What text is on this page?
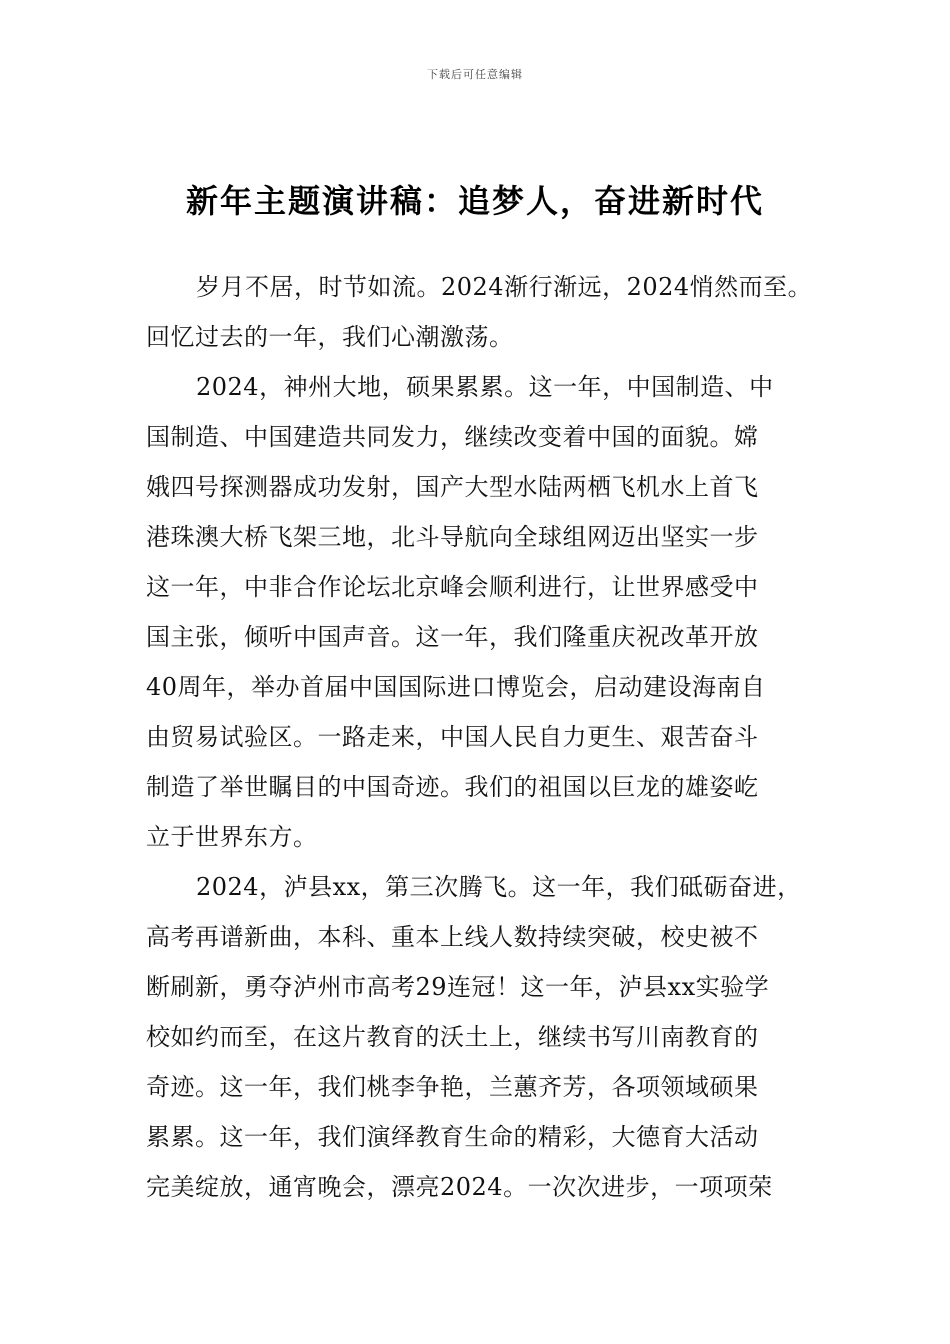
下载后可任意编辑
新年主题演讲稿：追梦人，奋进新时代
岁月不居，时节如流。2024渐行渐远，2024悄然而至。
回忆过去的一年，我们心潮激荡。
2024，神州大地，硕果累累。这一年，中国制造、中
国制造、中国建造共同发力，继续改变着中国的面貌。嫦
娥四号探测器成功发射，国产大型水陆两栖飞机水上首飞
港珠澳大桥飞架三地，北斗导航向全球组网迈出坚实一步
这一年，中非合作论坛北京峰会顺利进行，让世界感受中
国主张，倾听中国声音。这一年，我们隆重庆祝改革开放
40周年，举办首届中国国际进口博览会，启动建设海南自
由贸易试验区。一路走来，中国人民自力更生、艰苦奋斗
制造了举世瞩目的中国奇迹。我们的祖国以巨龙的雄姿屹
立于世界东方。
2024，泸县xx，第三次腾飞。这一年，我们砥砺奋进，
高考再谱新曲，本科、重本上线人数持续突破，校史被不
断刷新，勇夺泸州市高考29连冠！这一年，泸县xx实验学
校如约而至，在这片教育的沃土上，继续书写川南教育的
奇迹。这一年，我们桃李争艳，兰蕙齐芳，各项领域硕果
累累。这一年，我们演绎教育生命的精彩，大德育大活动
完美绽放，通宵晚会，漂亮2024。一次次进步，一项项荣
